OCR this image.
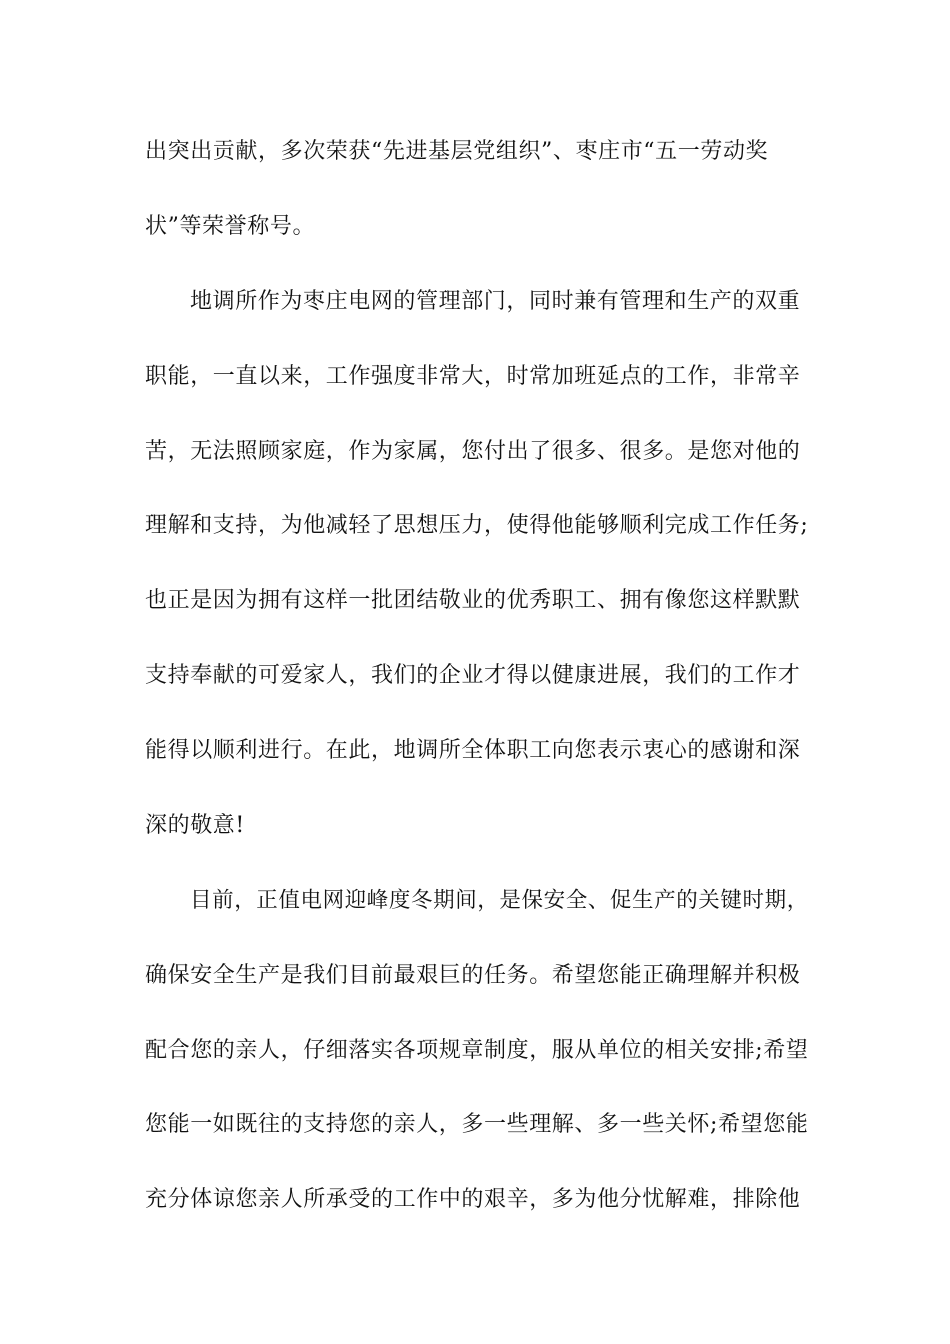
出突出贡献，多次荣获“先进基层党组织”、枣庄市“五一劳动奖
状”等荣誉称号。
地调所作为枣庄电网的管理部门，同时兼有管理和生产的双重
职能，一直以来，工作强度非常大，时常加班延点的工作，非常辛
苦，无法照顾家庭，作为家属，您付出了很多、很多。是您对他的
理解和支持，为他减轻了思想压力，使得他能够顺利完成工作任务;
也正是因为拥有这样一批团结敬业的优秀职工、拥有像您这样默默
支持奉献的可爱家人，我们的企业才得以健康进展，我们的工作才
能得以顺利进行。在此，地调所全体职工向您表示衷心的感谢和深
深的敬意!
目前，正值电网迎峰度冬期间，是保安全、促生产的关键时期，
确保安全生产是我们目前最艰巨的任务。希望您能正确理解并积极
配合您的亲人，仔细落实各项规章制度，服从单位的相关安排;希望
您能一如既往的支持您的亲人，多一些理解、多一些关怀;希望您能
充分体谅您亲人所承受的工作中的艰辛，多为他分忧解难，排除他
